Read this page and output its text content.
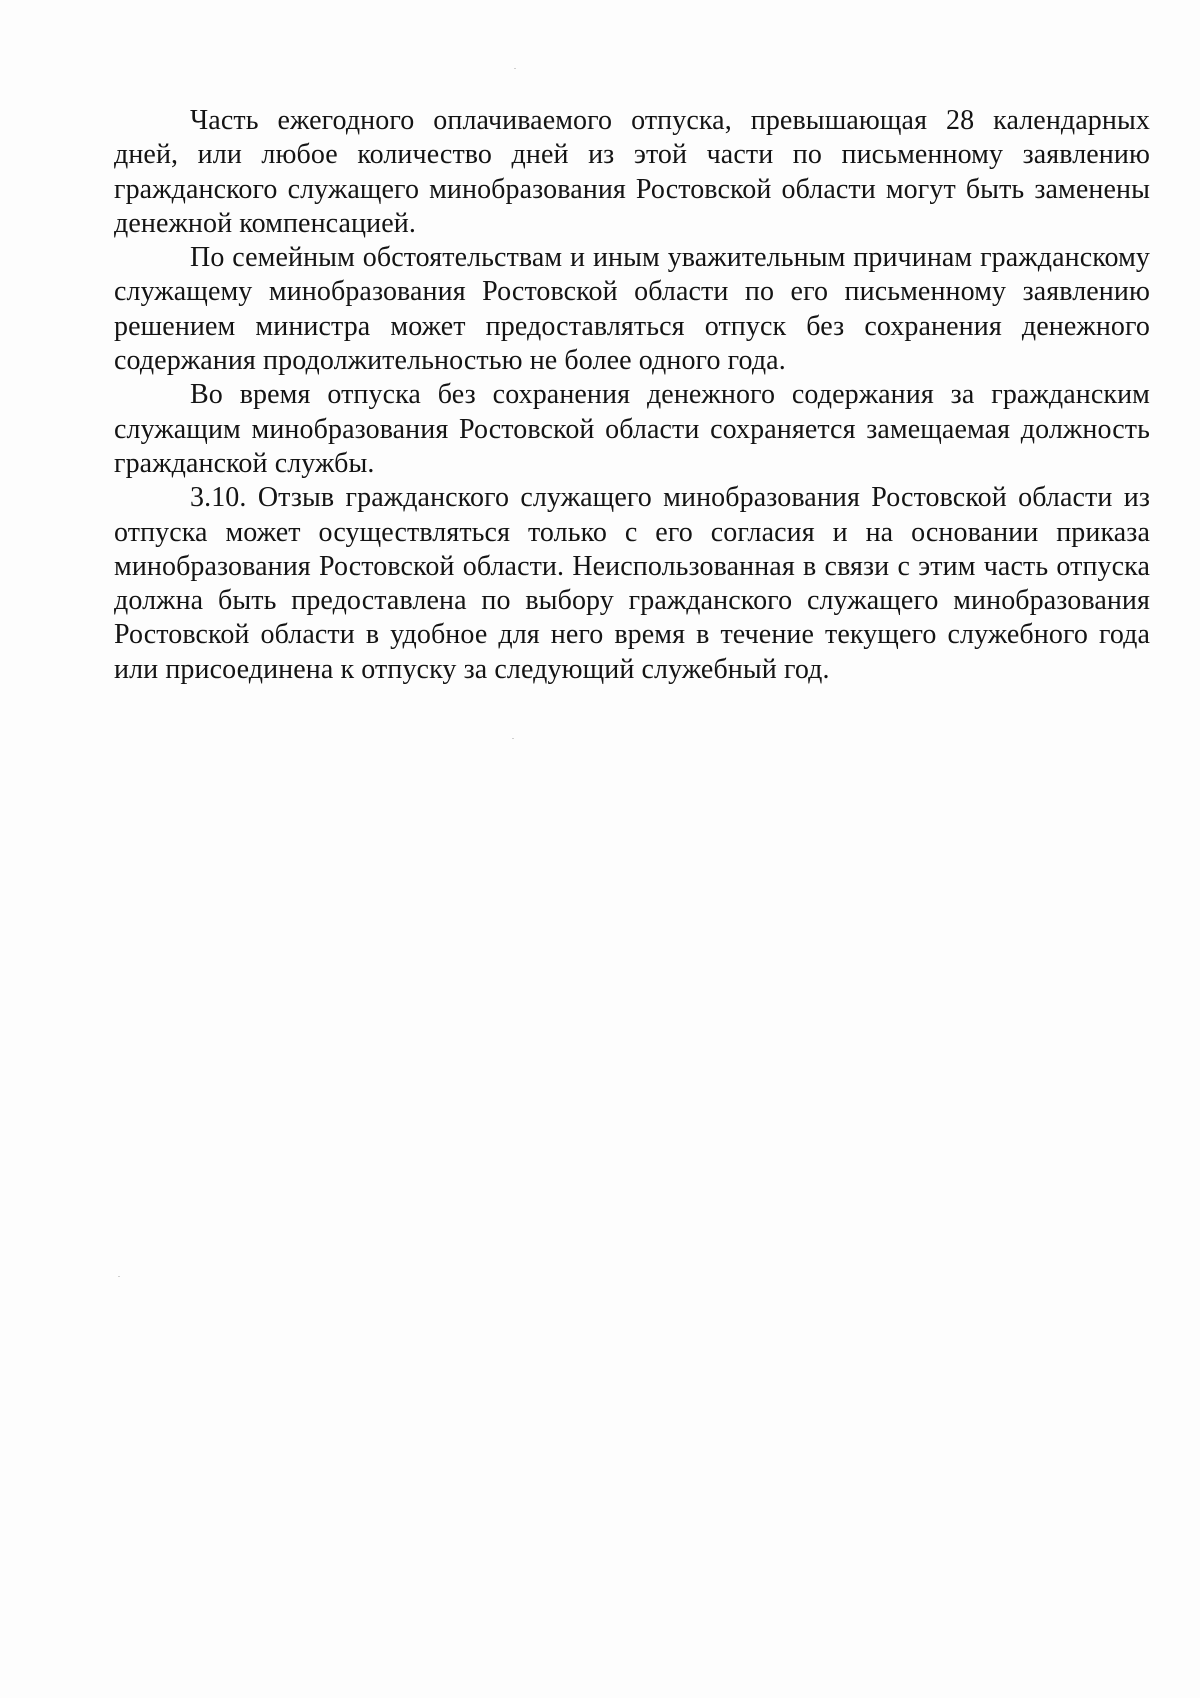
Часть ежегодного оплачиваемого отпуска, превышающая 28 календарных дней, или любое количество дней из этой части по письменному заявлению гражданского служащего минобразования Ростовской области могут быть заменены денежной компенсацией.

По семейным обстоятельствам и иным уважительным причинам гражданскому служащему минобразования Ростовской области по его письменному заявлению решением министра может предоставляться отпуск без сохранения денежного содержания продолжительностью не более одного года.

Во время отпуска без сохранения денежного содержания за гражданским служащим минобразования Ростовской области сохраняется замещаемая должность гражданской службы.

3.10. Отзыв гражданского служащего минобразования Ростовской области из отпуска может осуществляться только с его согласия и на основании приказа минобразования Ростовской области. Неиспользованная в связи с этим часть отпуска должна быть предоставлена по выбору гражданского служащего минобразования Ростовской области в удобное для него время в течение текущего служебного года или присоединена к отпуску за следующий служебный год.
